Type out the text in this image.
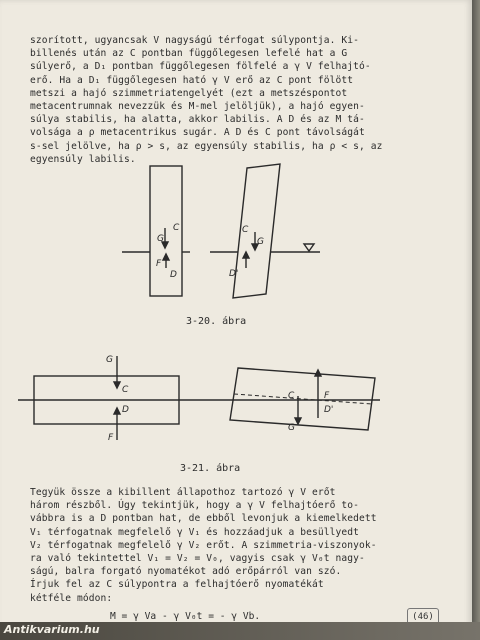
szorított, ugyancsak V nagyságú térfogat súlypontja. Ki-
billenés után az C pontban függőlegesen lefelé hat a G
súlyerő, a D₁ pontban függőlegesen fölfelé a γ V felhajtó-
erő. Ha a D₁ függőlegesen ható γ V erő az C pont fölött
metszi a hajó szimmetriatengelyét (ezt a metszéspontot
metacentrumnak nevezzük és M-mel jelöljük), a hajó egyen-
súlya stabilis, ha alatta, akkor labilis. A D és az M tá-
volsága a ρ metacentrikus sugár. A D és C pont távolságát
s-sel jelölve, ha ρ > s, az egyensúly stabilis, ha ρ < s, az
egyensúly labilis.
G
C
F
D
C
G
D'
3-20. ábra
G
C
D
F
C	F
D'
G
3-21. ábra
Tegyük össze a kibillent állapothoz tartozó γ V erőt
három részből. Úgy tekintjük, hogy a γ V felhajtóerő to-
vábbra is a D pontban hat, de ebből levonjuk a kiemelkedett
V₁ térfogatnak megfelelő γ V₁ és hozzáadjuk a besüllyedt
V₂ térfogatnak megfelelő γ V₂ erőt. A szimmetria-viszonyok-
ra való tekintettel V₁ = V₂ = V₀, vagyis csak γ V₀t nagy-
ságú, balra forgató nyomatékot adó erőpárról van szó.
Írjuk fel az C súlypontra a felhajtóerő nyomatékát
kétféle módon:
M = γ Va - γ V₀t = - γ Vb.	(46)
Antikvarium.hu
